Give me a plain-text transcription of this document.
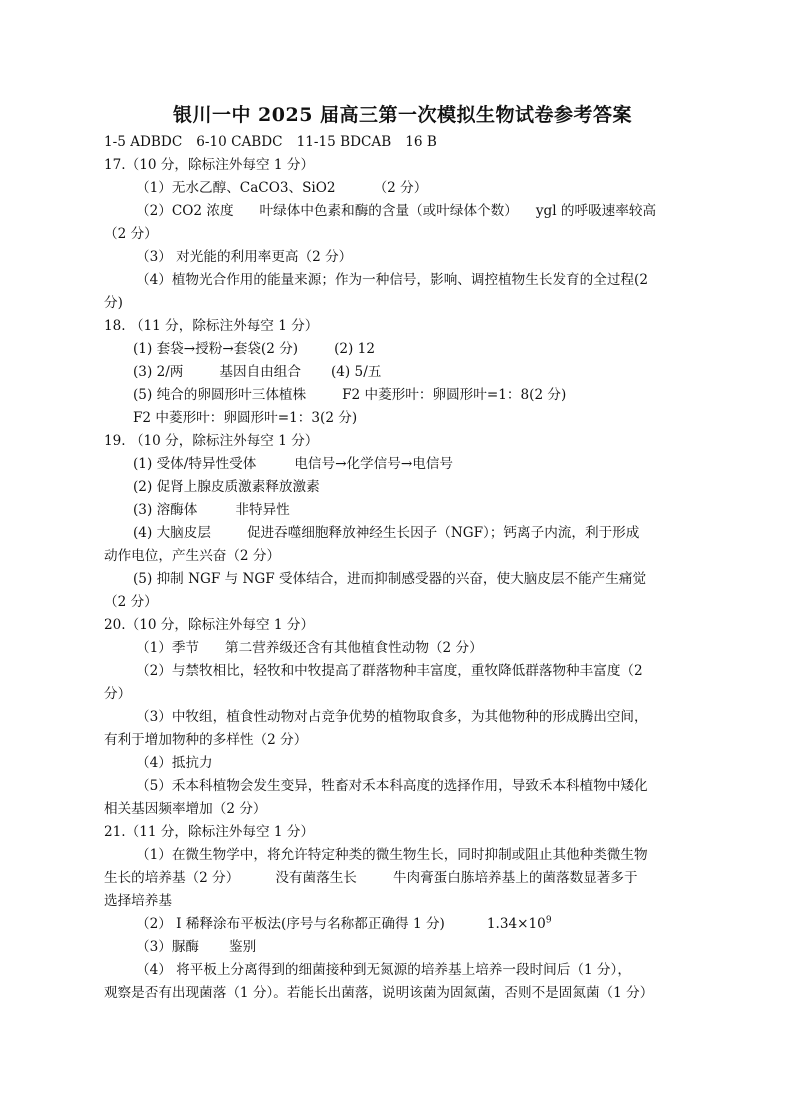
银川一中 2025 届高三第一次模拟生物试卷参考答案
1-5 ADBDC 6-10 CABDC 11-15 BDCAB 16 B
17.（10 分，除标注外每空 1 分）
（1）无水乙醇、CaCO3、SiO2	（2 分）
（2）CO2 浓度 叶绿体中色素和酶的含量（或叶绿体个数） ygl 的呼吸速率较高
（2 分）
（3） 对光能的利用率更高（2 分）
（4）植物光合作用的能量来源；作为一种信号，影响、调控植物生长发育的全过程(2
分)
18. （11 分，除标注外每空 1 分）
(1) 套袋→授粉→套袋(2 分)	(2) 12
(3) 2/两	基因自由组合 (4) 5/五
(5) 纯合的卵圆形叶三体植株	F2 中菱形叶：卵圆形叶=1：8(2 分)
F2 中菱形叶：卵圆形叶=1：3(2 分)
19. （10 分，除标注外每空 1 分）
(1) 受体/特异性受体	电信号→化学信号→电信号
(2) 促肾上腺皮质激素释放激素
(3) 溶酶体	非特异性
(4) 大脑皮层	促进吞噬细胞释放神经生长因子（NGF）；钙离子内流，利于形成
动作电位，产生兴奋（2 分）
(5) 抑制 NGF 与 NGF 受体结合，进而抑制感受器的兴奋，使大脑皮层不能产生痛觉
（2 分）
20.（10 分，除标注外每空 1 分）
（1）季节 第二营养级还含有其他植食性动物（2 分）
（2）与禁牧相比，轻牧和中牧提高了群落物种丰富度，重牧降低群落物种丰富度（2
分）
（3）中牧组，植食性动物对占竞争优势的植物取食多，为其他物种的形成腾出空间，
有利于增加物种的多样性（2 分）
（4）抵抗力
（5）禾本科植物会发生变异，牲畜对禾本科高度的选择作用，导致禾本科植物中矮化
相关基因频率增加（2 分）
21.（11 分，除标注外每空 1 分）
（1）在微生物学中，将允许特定种类的微生物生长，同时抑制或阻止其他种类微生物
生长的培养基（2 分）	没有菌落生长	牛肉膏蛋白胨培养基上的菌落数显著多于
选择培养基
（2） Ⅰ 稀释涂布平板法(序号与名称都正确得 1 分)	$1.34\times 10^9$
（3）脲酶 鉴别
（4） 将平板上分离得到的细菌接种到无氮源的培养基上培养一段时间后（1 分），
观察是否有出现菌落（1 分）。若能长出菌落，说明该菌为固氮菌，否则不是固氮菌（1 分）
